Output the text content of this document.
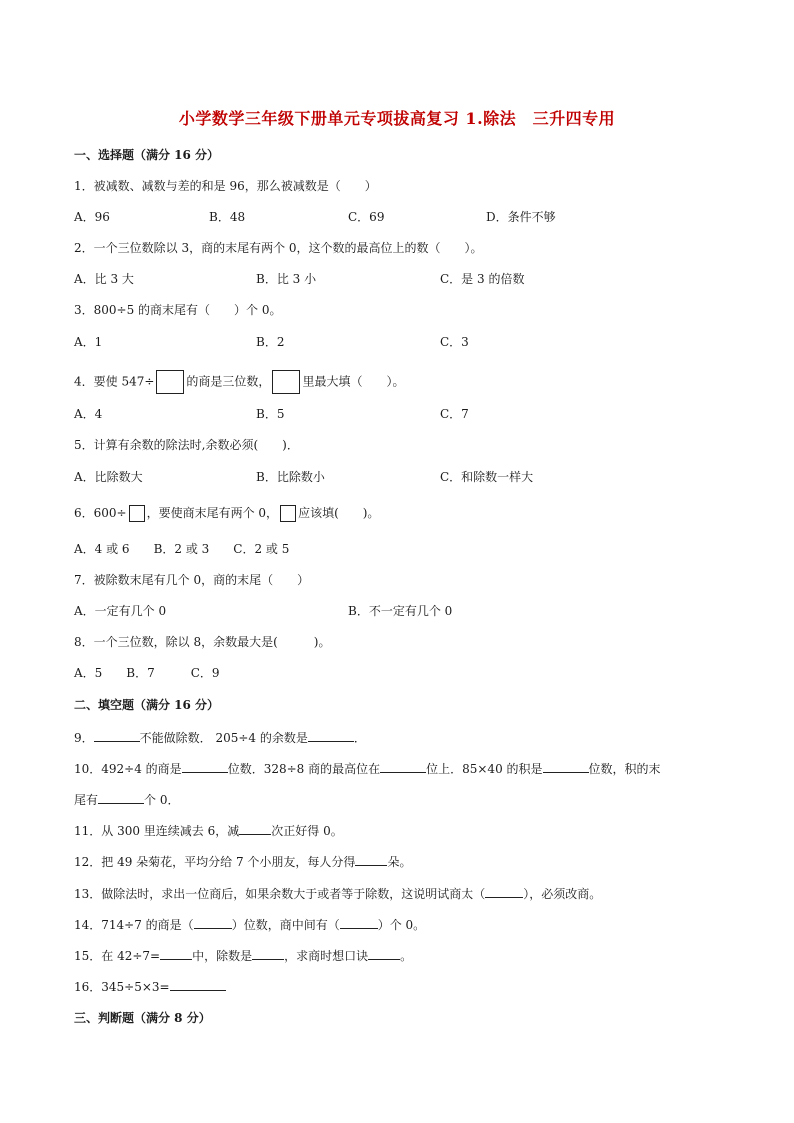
小学数学三年级下册单元专项拔高复习 1.除法　三升四专用
一、选择题（满分 16 分）
1．被减数、减数与差的和是 96，那么被减数是（　　）
A．96	B．48	C．69	D．条件不够
2．一个三位数除以 3，商的末尾有两个 0，这个数的最高位上的数（　　）。
A．比 3 大	B．比 3 小	C．是 3 的倍数
3．800÷5 的商末尾有（　　）个 0。
A．1	B．2	C．3
4．要使 547÷	的商是三位数，	里最大填（　　）。
A．4	B．5	C．7
5．计算有余数的除法时,余数必须(　　)．
A．比除数大	B．比除数小	C．和除数一样大
6．600÷ ，要使商末尾有两个 0， 应该填(　　)。
A．4 或 6　　B．2 或 3　　C．2 或 5
7．被除数末尾有几个 0，商的末尾（　　）
A．一定有几个 0	B．不一定有几个 0
8．一个三位数，除以 8，余数最大是(　　　)。
A．5　　B．7　　　C．9
二、填空题（满分 16 分）
9．	不能做除数． 205÷4 的余数是	．
10．492÷4 的商是	位数．328÷8 商的最高位在	位上．85×40 的积是	位数，积的末
尾有	个 0．
11．从 300 里连续减去 6，减	次正好得 0。
12．把 49 朵菊花，平均分给 7 个小朋友，每人分得	朵。
13．做除法时，求出一位商后，如果余数大于或者等于除数，这说明试商太（	），必须改商。
14．714÷7 的商是（	）位数，商中间有（	）个 0。
15．在 42÷7=	中，除数是	，求商时想口诀	。
16．345÷5×3=
三、判断题（满分 8 分）
